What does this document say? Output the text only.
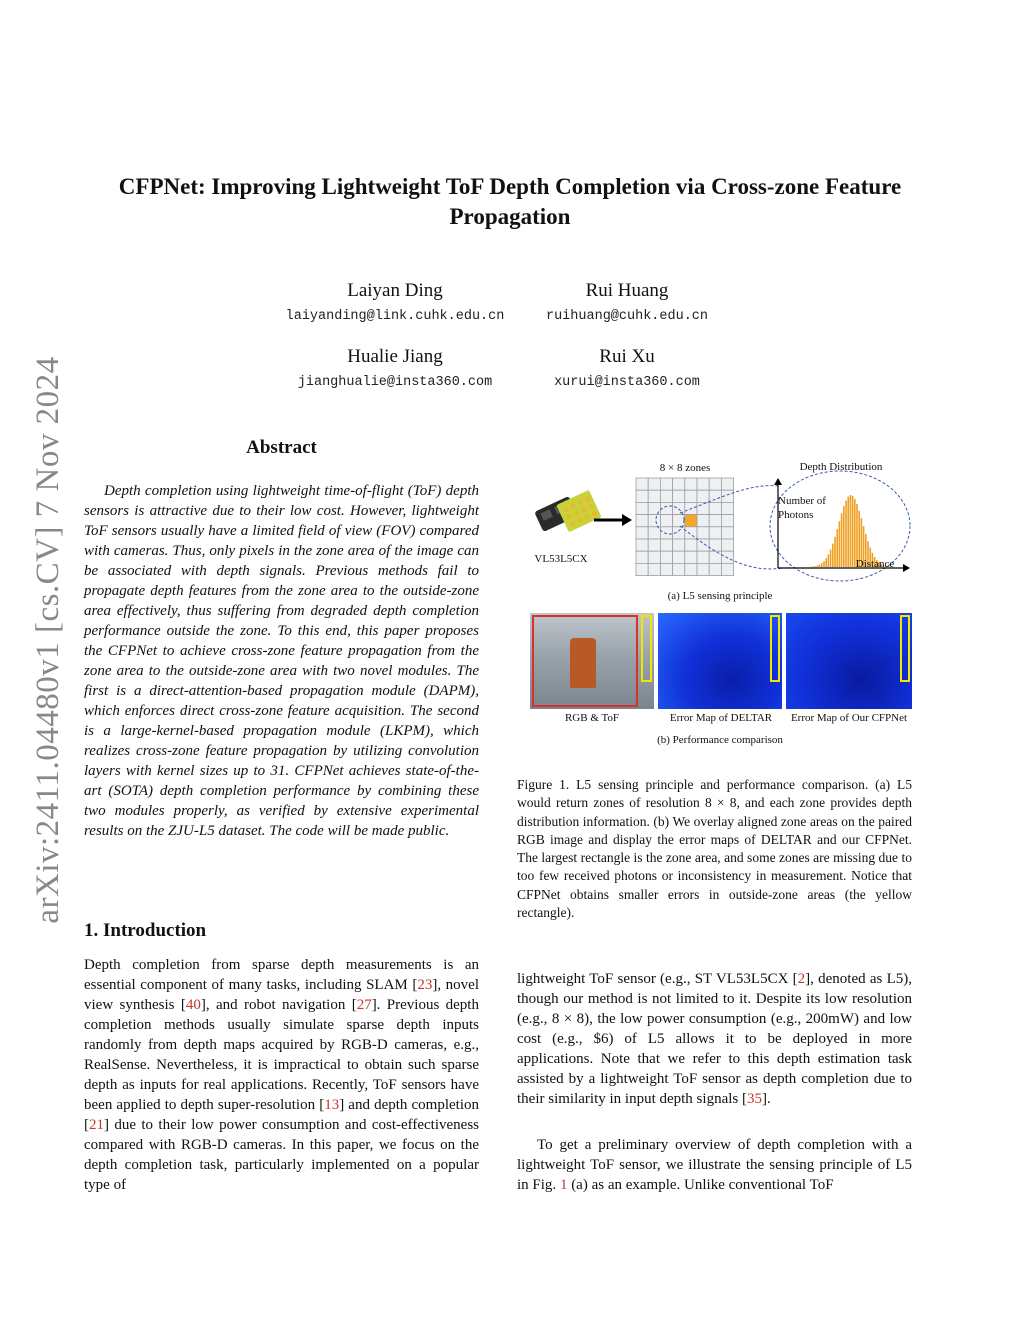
arXiv:2411.04480v1 [cs.CV] 7 Nov 2024
CFPNet: Improving Lightweight ToF Depth Completion via Cross-zone Feature Propagation
Laiyan Ding
laiyanding@link.cuhk.edu.cn
Rui Huang
ruihuang@cuhk.edu.cn
Hualie Jiang
jianghualie@insta360.com
Rui Xu
xurui@insta360.com
Abstract
Depth completion using lightweight time-of-flight (ToF) depth sensors is attractive due to their low cost. However, lightweight ToF sensors usually have a limited field of view (FOV) compared with cameras. Thus, only pixels in the zone area of the image can be associated with depth signals. Previous methods fail to propagate depth features from the zone area to the outside-zone area effectively, thus suffering from degraded depth completion performance outside the zone. To this end, this paper proposes the CFPNet to achieve cross-zone feature propagation from the zone area to the outside-zone area with two novel modules. The first is a direct-attention-based propagation module (DAPM), which enforces direct cross-zone feature acquisition. The second is a large-kernel-based propagation module (LKPM), which realizes cross-zone feature propagation by utilizing convolution layers with kernel sizes up to 31. CFPNet achieves state-of-the-art (SOTA) depth completion performance by combining these two modules properly, as verified by extensive experimental results on the ZJU-L5 dataset. The code will be made public.
1. Introduction
Depth completion from sparse depth measurements is an essential component of many tasks, including SLAM [23], novel view synthesis [40], and robot navigation [27]. Previous depth completion methods usually simulate sparse depth inputs randomly from depth maps acquired by RGB-D cameras, e.g., RealSense. Nevertheless, it is impractical to obtain such sparse depth as inputs for real applications. Recently, ToF sensors have been applied to depth super-resolution [13] and depth completion [21] due to their low power consumption and cost-effectiveness compared with RGB-D cameras. In this paper, we focus on the depth completion task, particularly implemented on a popular type of
lightweight ToF sensor (e.g., ST VL53L5CX [2], denoted as L5), though our method is not limited to it. Despite its low resolution (e.g., 8 × 8), the low power consumption (e.g., 200mW) and low cost (e.g., $6) of L5 allows it to be deployed in more applications. Note that we refer to this depth estimation task assisted by a lightweight ToF sensor as depth completion due to their similarity in input depth signals [35].
To get a preliminary overview of depth completion with a lightweight ToF sensor, we illustrate the sensing principle of L5 in Fig. 1 (a) as an example. Unlike conventional ToF
8 × 8 zones	Depth Distribution
Number of
Photons
Distance
VL53L5CX
(a) L5 sensing principle
RGB & ToF	Error Map of DELTAR	Error Map of Our CFPNet
(b) Performance comparison
Figure 1. L5 sensing principle and performance comparison. (a) L5 would return zones of resolution 8 × 8, and each zone provides depth distribution information. (b) We overlay aligned zone areas on the paired RGB image and display the error maps of DELTAR and our CFPNet. The largest rectangle is the zone area, and some zones are missing due to too few received photons or inconsistency in measurement. Notice that CFPNet obtains smaller errors in outside-zone areas (the yellow rectangle).
